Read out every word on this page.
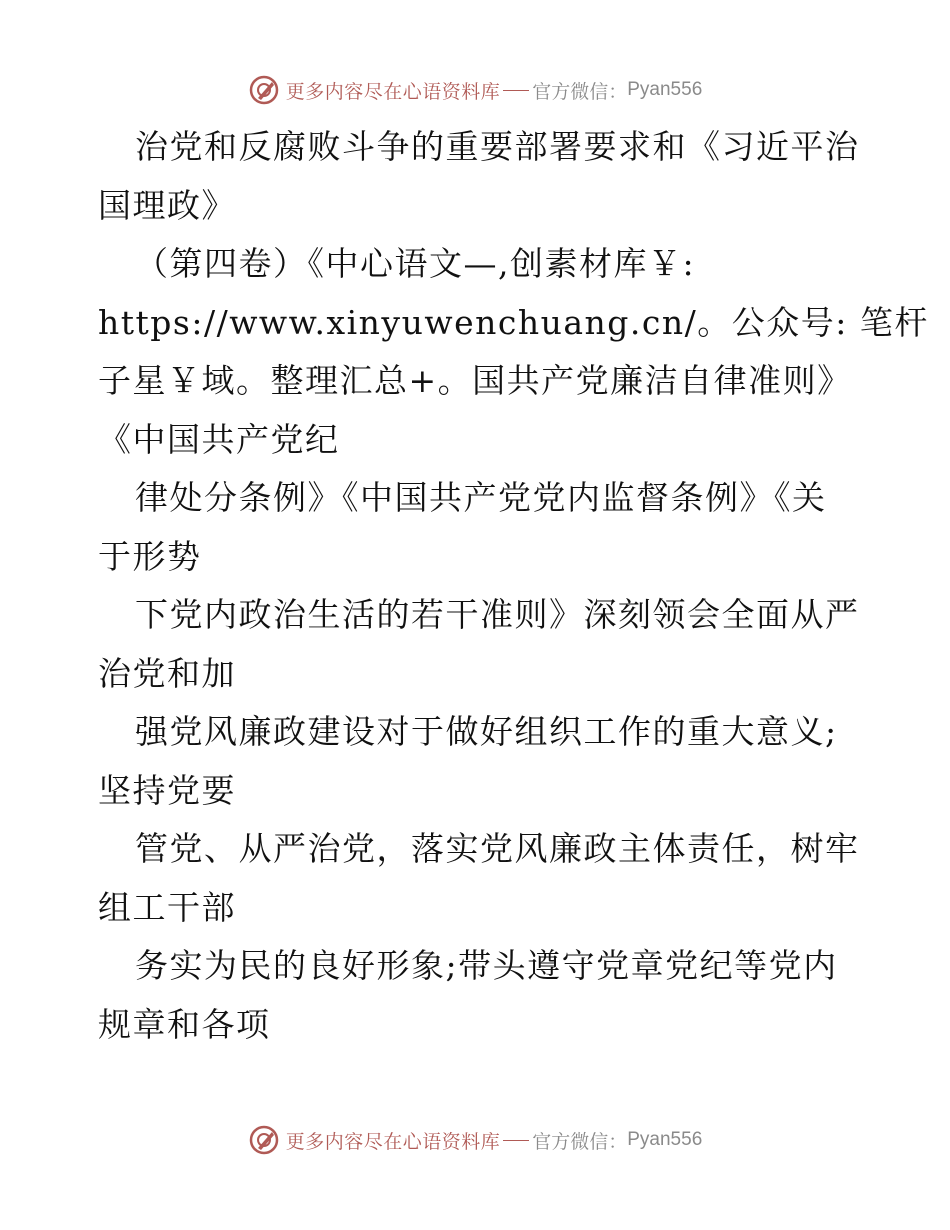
更多内容尽在心语资料库 官方微信： Pyan556
治党和反腐败斗争的重要部署要求和《习近平治
国理政》
（第四卷）《中心语文—,创素材库￥:
https://www.xinyuwenchuang.cn/。公众号: 笔杆
子星￥域。整理汇总+。国共产党廉洁自律准则》
《中国共产党纪
律处分条例》《中国共产党党内监督条例》《关
于形势
下党内政治生活的若干准则》深刻领会全面从严
治党和加
强党风廉政建设对于做好组织工作的重大意义;
坚持党要
管党、从严治党，落实党风廉政主体责任，树牢
组工干部
务实为民的良好形象;带头遵守党章党纪等党内
规章和各项
更多内容尽在心语资料库 官方微信： Pyan556
